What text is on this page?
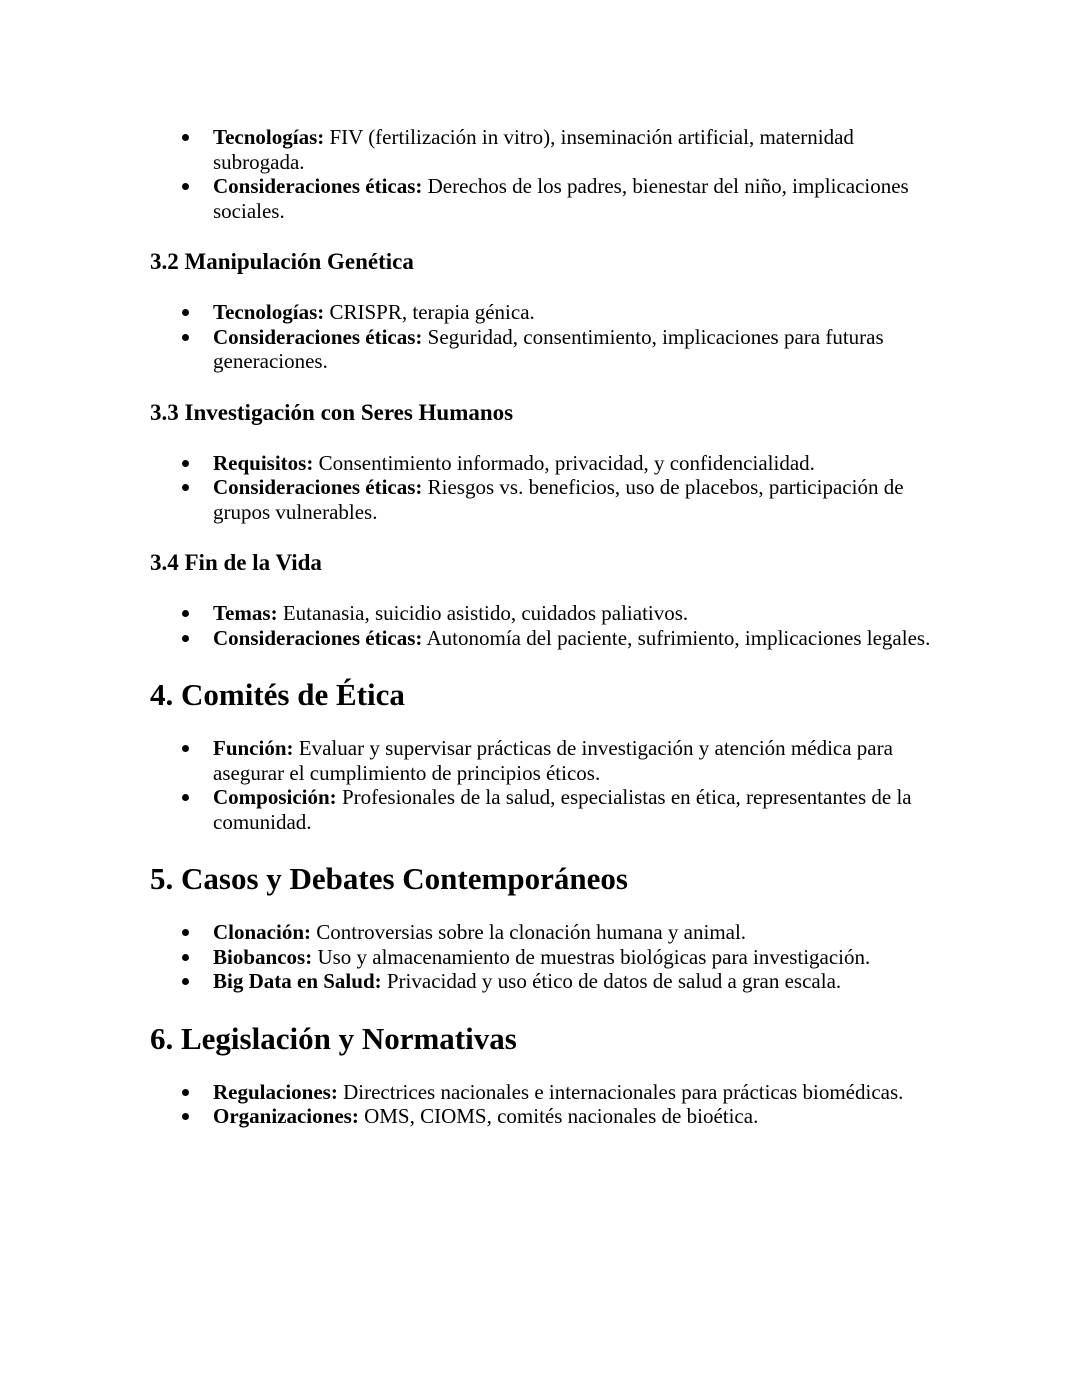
Tecnologías: FIV (fertilización in vitro), inseminación artificial, maternidad subrogada.
Consideraciones éticas: Derechos de los padres, bienestar del niño, implicaciones sociales.
3.2 Manipulación Genética
Tecnologías: CRISPR, terapia génica.
Consideraciones éticas: Seguridad, consentimiento, implicaciones para futuras generaciones.
3.3 Investigación con Seres Humanos
Requisitos: Consentimiento informado, privacidad, y confidencialidad.
Consideraciones éticas: Riesgos vs. beneficios, uso de placebos, participación de grupos vulnerables.
3.4 Fin de la Vida
Temas: Eutanasia, suicidio asistido, cuidados paliativos.
Consideraciones éticas: Autonomía del paciente, sufrimiento, implicaciones legales.
4. Comités de Ética
Función: Evaluar y supervisar prácticas de investigación y atención médica para asegurar el cumplimiento de principios éticos.
Composición: Profesionales de la salud, especialistas en ética, representantes de la comunidad.
5. Casos y Debates Contemporáneos
Clonación: Controversias sobre la clonación humana y animal.
Biobancos: Uso y almacenamiento de muestras biológicas para investigación.
Big Data en Salud: Privacidad y uso ético de datos de salud a gran escala.
6. Legislación y Normativas
Regulaciones: Directrices nacionales e internacionales para prácticas biomédicas.
Organizaciones: OMS, CIOMS, comités nacionales de bioética.
